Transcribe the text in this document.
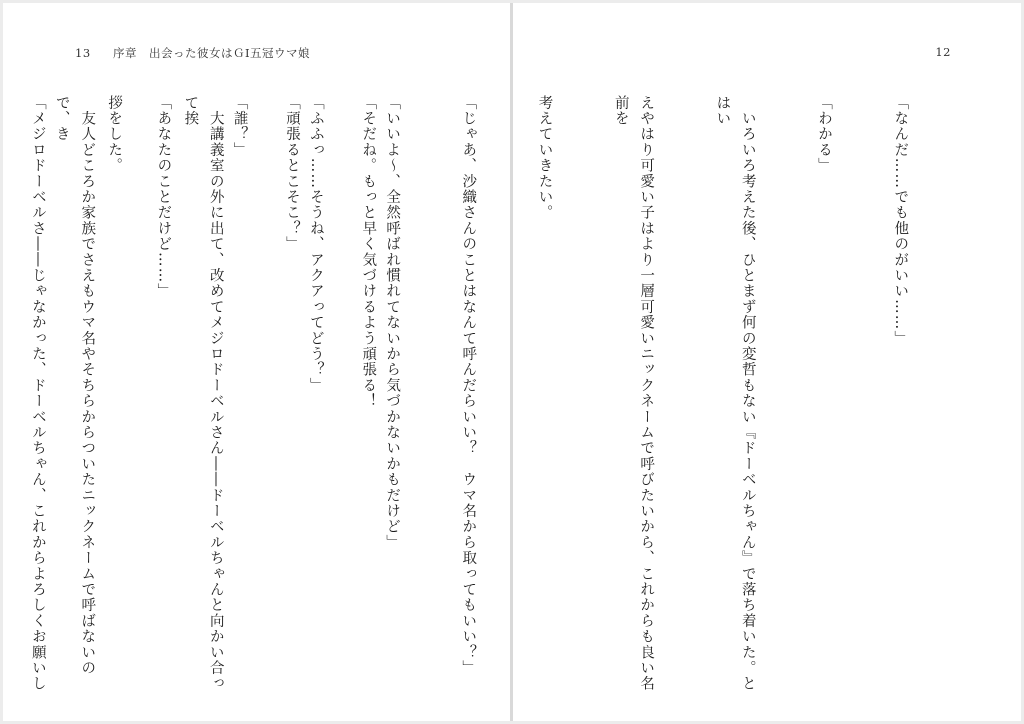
13 序章　出会った彼女はＧⅠ五冠ウマ娘

「そだね。もっと早く気づけるよう頑張る！

「頑張るとこそこ？」

　大講義室の外に出て、改めてメジロドーベルさん――ドーベルちゃんと向かい合って挨

拶をした。

「メジロドーベルさ――じゃなかった、ドーベルちゃん、これからよろしくお願いし

12

「なんだ……でも他のがいい……」

「わかる」

　いろいろ考えた後、ひとまず何の変哲もない『ドーベルちゃん』で落ち着いた。とはい

えやはり可愛い子はより一層可愛いニックネームで呼びたいから、これからも良い名前を

考えていきたい。

「じゃあ、沙織さんのことはなんて呼んだらいい？　ウマ名から取ってもいい？」

「いいよ～、全然呼ばれ慣れてないから気づかないかもだけど」

「ふふっ……そうね、アクアってどう？」

「誰？」

「あなたのことだけど……」

　友人どころか家族でさえもウマ名やそちらからついたニックネームで呼ばないので、き
